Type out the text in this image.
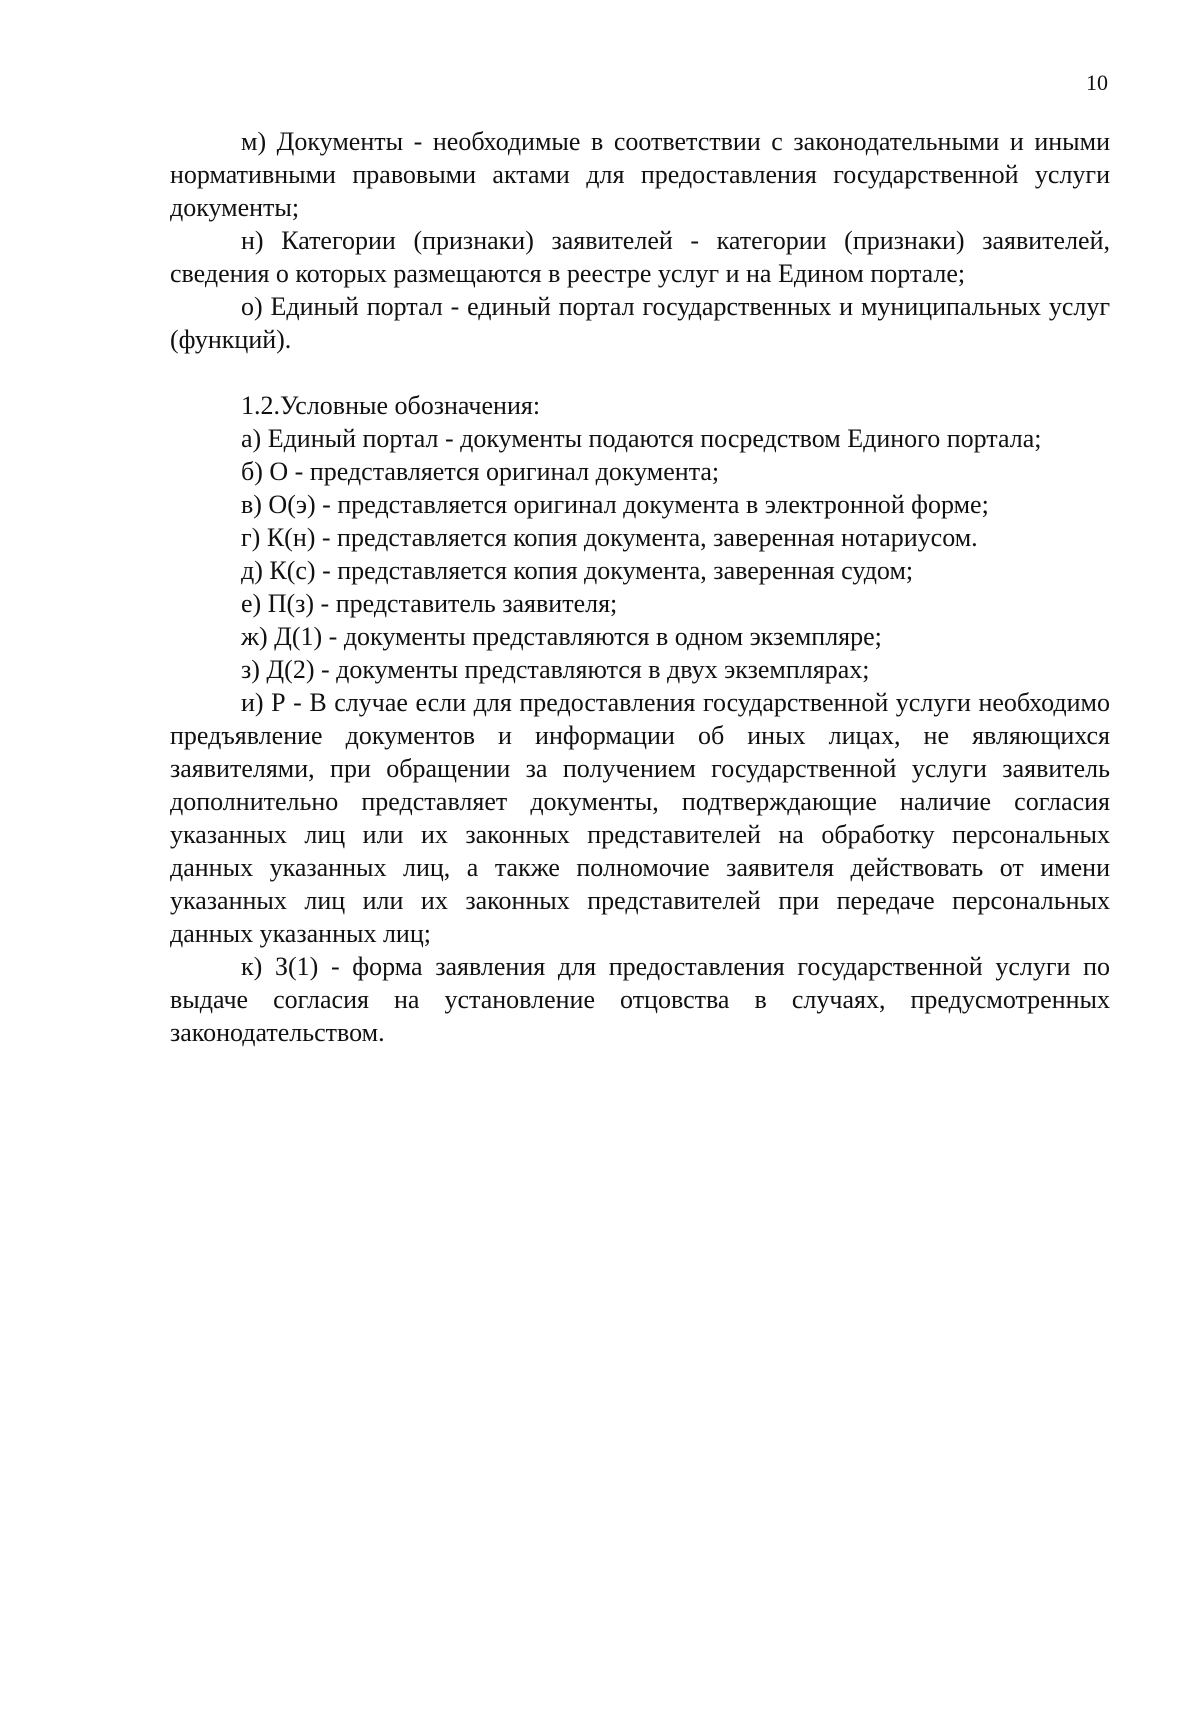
10

м) Документы - необходимые в соответствии с законодательными и иными нормативными правовыми актами для предоставления государственной услуги документы;

н) Категории (признаки) заявителей - категории (признаки) заявителей, сведения о которых размещаются в реестре услуг и на Едином портале;

о) Единый портал - единый портал государственных и муниципальных услуг (функций).

1.2.Условные обозначения:

а) Единый портал - документы подаются посредством Единого портала;

б) О - представляется оригинал документа;

в) О(э) - представляется оригинал документа в электронной форме;

г) К(н) - представляется копия документа, заверенная нотариусом.

д) К(с) - представляется копия документа, заверенная судом;

е) П(з) - представитель заявителя;

ж) Д(1) - документы представляются в одном экземпляре;

з) Д(2) - документы представляются в двух экземплярах;

и) Р - В случае если для предоставления государственной услуги необходимо предъявление документов и информации об иных лицах, не являющихся заявителями, при обращении за получением государственной услуги заявитель дополнительно представляет документы, подтверждающие наличие согласия указанных лиц или их законных представителей на обработку персональных данных указанных лиц, а также полномочие заявителя действовать от имени указанных лиц или их законных представителей при передаче персональных данных указанных лиц;

к) З(1) - форма заявления для предоставления государственной услуги по выдаче согласия на установление отцовства в случаях, предусмотренных законодательством.
